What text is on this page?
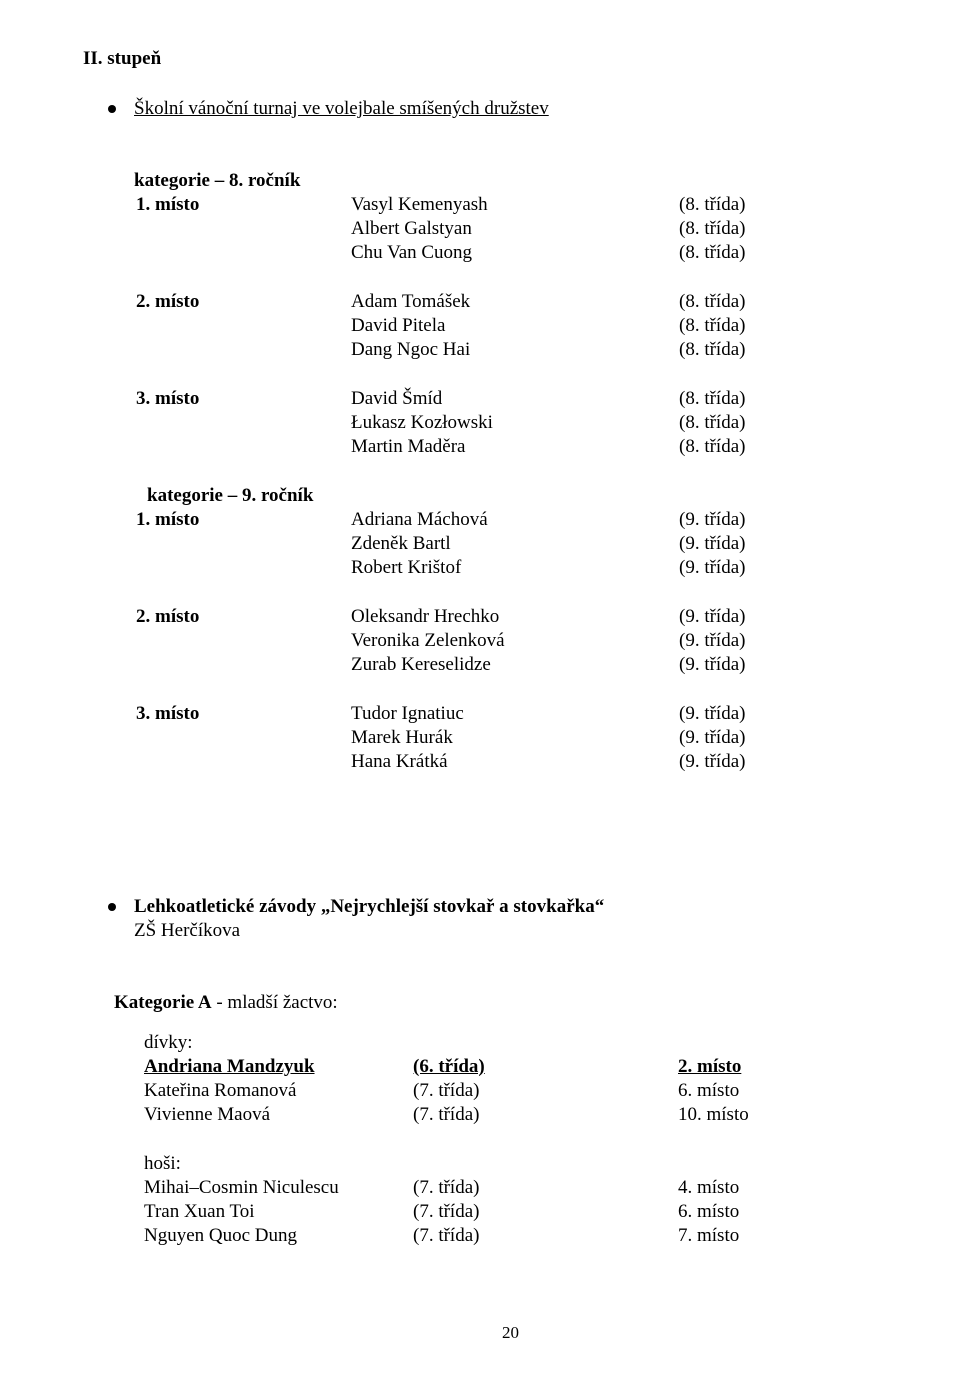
II. stupeň
Školní vánoční turnaj ve volejbale smíšených družstev
kategorie – 8. ročník
1. místo	Vasyl Kemenyash	(8. třída)
Albert Galstyan	(8. třída)
Chu Van Cuong	(8. třída)
2. místo	Adam Tomášek	(8. třída)
David Pitela	(8. třída)
Dang Ngoc Hai	(8. třída)
3. místo	David Šmíd	(8. třída)
Łukasz Kozłowski	(8. třída)
Martin Maděra	(8. třída)
kategorie – 9. ročník
1. místo	Adriana Máchová	(9. třída)
Zdeněk Bartl	(9. třída)
Robert Krištof	(9. třída)
2. místo	Oleksandr Hrechko	(9. třída)
Veronika Zelenková	(9. třída)
Zurab Kereselidze	(9. třída)
3. místo	Tudor Ignatiuc	(9. třída)
Marek Hurák	(9. třída)
Hana Krátká	(9. třída)
Lehkoatletické závody „Nejrychlejší stovkař a stovkařka“
ZŠ Herčíkova
Kategorie A - mladší žactvo:
dívky:
Andriana Mandzyuk	(6. třída)	2. místo
Kateřina Romanová	(7. třída)	6. místo
Vivienne Maová	(7. třída)	10. místo
hoši:
Mihai–Cosmin Niculescu	(7. třída)	4. místo
Tran Xuan Toi	(7. třída)	6. místo
Nguyen Quoc Dung	(7. třída)	7. místo
20
